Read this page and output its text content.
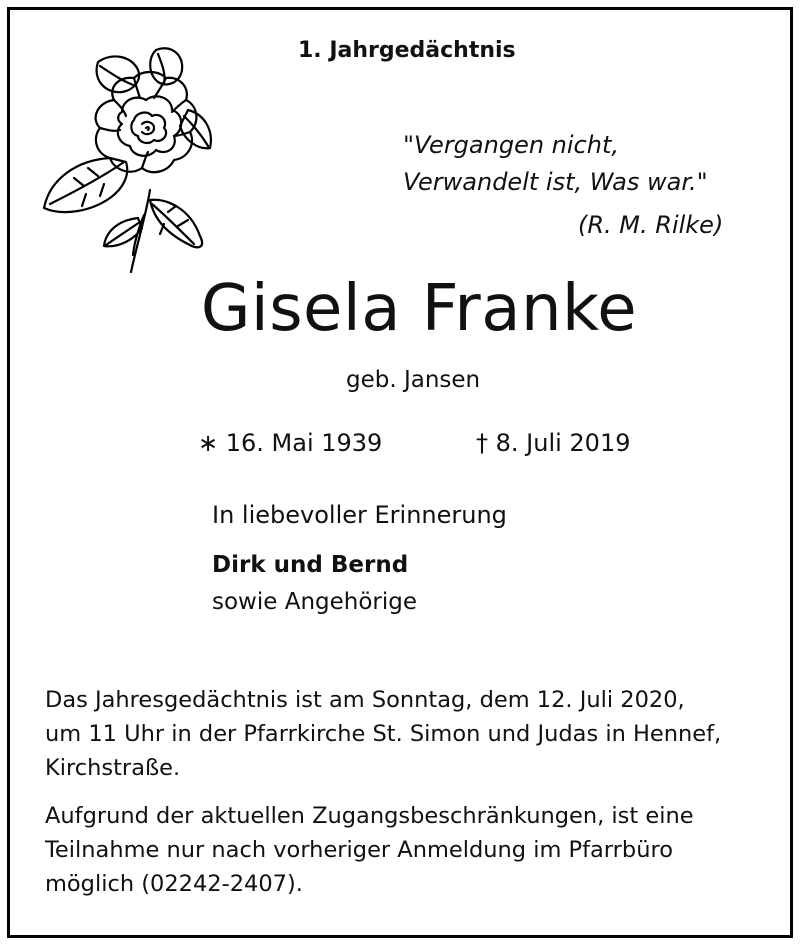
1. Jahrgedächtnis
"Vergangen nicht,
Verwandelt ist, Was war."
(R. M. Rilke)
Gisela Franke
geb. Jansen
∗ 16. Mai 1939	† 8. Juli 2019
In liebevoller Erinnerung
Dirk und Bernd
sowie Angehörige
Das Jahresgedächtnis ist am Sonntag, dem 12. Juli 2020,
um 11 Uhr in der Pfarrkirche St. Simon und Judas in Hennef,
Kirchstraße.
Aufgrund der aktuellen Zugangsbeschränkungen, ist eine
Teilnahme nur nach vorheriger Anmeldung im Pfarrbüro
möglich (02242-2407).
